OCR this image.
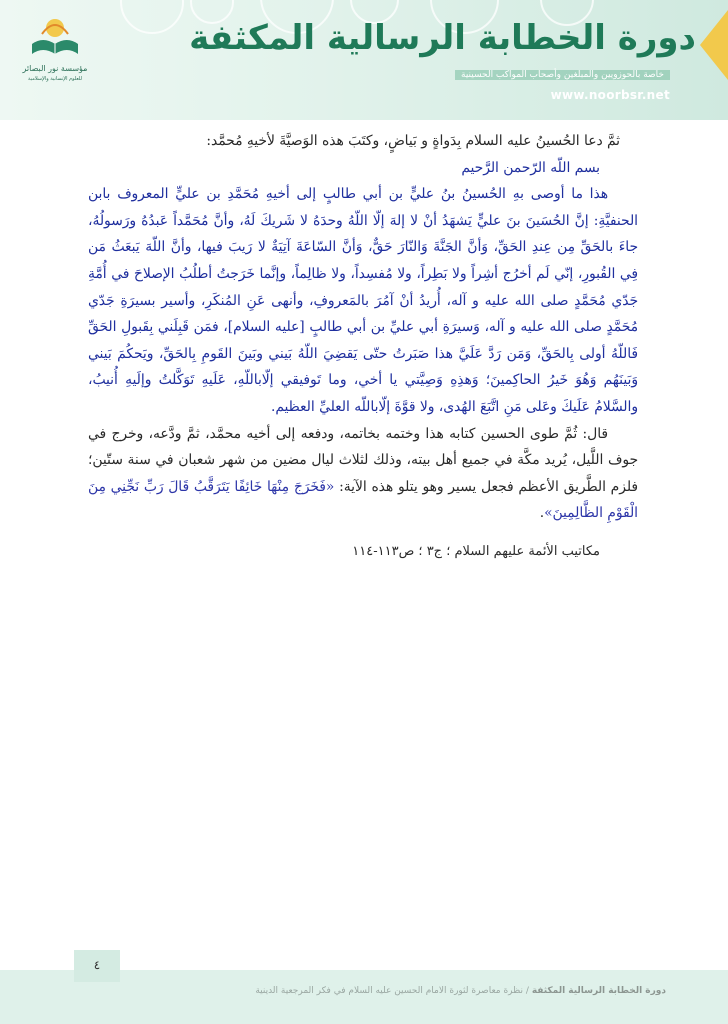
مؤسسة نور البصائر
للعلوم الإنسانية والإسلامية
دورة الخطابة الرسالية المكثفة
خاصة بالحوزويين والمبلغين وأصحاب المواكب الحسينية
www.noorbsr.net

ثمَّ دعا الحُسينُ عليه السلام بِدَواةٍ و بَياضٍ، وكتَبَ هذه الوَصيَّةَ لأخيهِ مُحمَّد:

بسم اللّه الرّحمن الرَّحيم

هذا ما أوصى بهِ الحُسينُ بنُ عليٍّ بن أبي طالبٍ إلى أخيهِ مُحَمَّدِ بن عليٍّ المعروف بابن الحنفيَّةِ: إنَّ الحُسَينَ بنَ عليٍّ يَشهَدُ أنْ لا إلهَ إلّا اللّهُ وحدَهُ لا شَريكَ لَهُ، وأنَّ مُحَمَّداً عَبدُهُ ورَسولُهُ، جاءَ بالحَقِّ مِن عِندِ الحَقِّ، وَأنَّ الجَنَّةَ وَالنّارَ حَقٌّ، وَأنَّ السّاعَةَ آتِيَةٌ لا رَيبَ فيها، وأنَّ اللّهَ يَبعَثُ مَن فِي القُبورِ، إنّي لَم أخرُج أشِراً ولا بَطِراً، ولا مُفسِداً، ولا ظالِماً، وإنَّما خَرَجتُ أطلُبُ الإصلاحَ في أُمَّةِ جَدّي مُحَمَّدٍ صلى الله عليه و آله، أُريدُ أنْ آمُرَ بالمَعروفِ، وأنهى عَنِ المُنكَرِ، وأسير بسيرَةِ جَدّي مُحَمَّدٍ صلى الله عليه و آله، وَسيرَةِ أبي عليِّ بن أبي طالبٍ [عليه السلام]، فمَن قَبِلَني بِقَبولِ الحَقِّ فَاللّهُ أولى بِالحَقِّ، وَمَن رَدَّ عَلَيَّ هذا صَبَرتُ حتّى يَقضِيَ اللّهُ بَيني وبَينَ القَومِ بِالحَقِّ، ويَحكُمَ بَيني وَبَينَهُم وَهُوَ خَيرُ الحاكِمينَ؛ وَهذِهِ وَصِيَّتي يا أخي، وما تَوفيقي إلّاباللّهِ، عَلَيهِ تَوَكَّلتُ وإلَيهِ أُنيبُ، والسَّلامُ عَلَيكَ وعَلى مَنِ اتَّبَعَ الهُدى، ولا قوَّةَ إلّاباللّه العليِّ العظيم.

قال: ثُمَّ طوى الحسين كتابه هذا وختمه بخاتمه، ودفعه إلى أخيه محمَّد، ثمَّ ودَّعه، وخرج في جوف اللَّيل، يُريد مكَّة في جميع أهل بيته، وذلك لثلاث ليال مضين من شهر شعبان في سنة ستّين؛ فلزم الطَّريق الأعظم فجعل يسير وهو يتلو هذه الآية: «فَخَرَجَ مِنْهَا خَائِفًا يَتَرَقَّبُ قَالَ رَبِّ نَجِّنِي مِنَ الْقَوْمِ الظَّالِمِينَ».

مكاتيب الأئمة عليهم السلام ؛ ج٣ ؛ ص١١٣-١١٤

٤
دورة الخطابة الرسالية المكثفة / نظرة معاصرة لثورة الامام الحسين عليه السلام في فكر المرجعية الدينية
